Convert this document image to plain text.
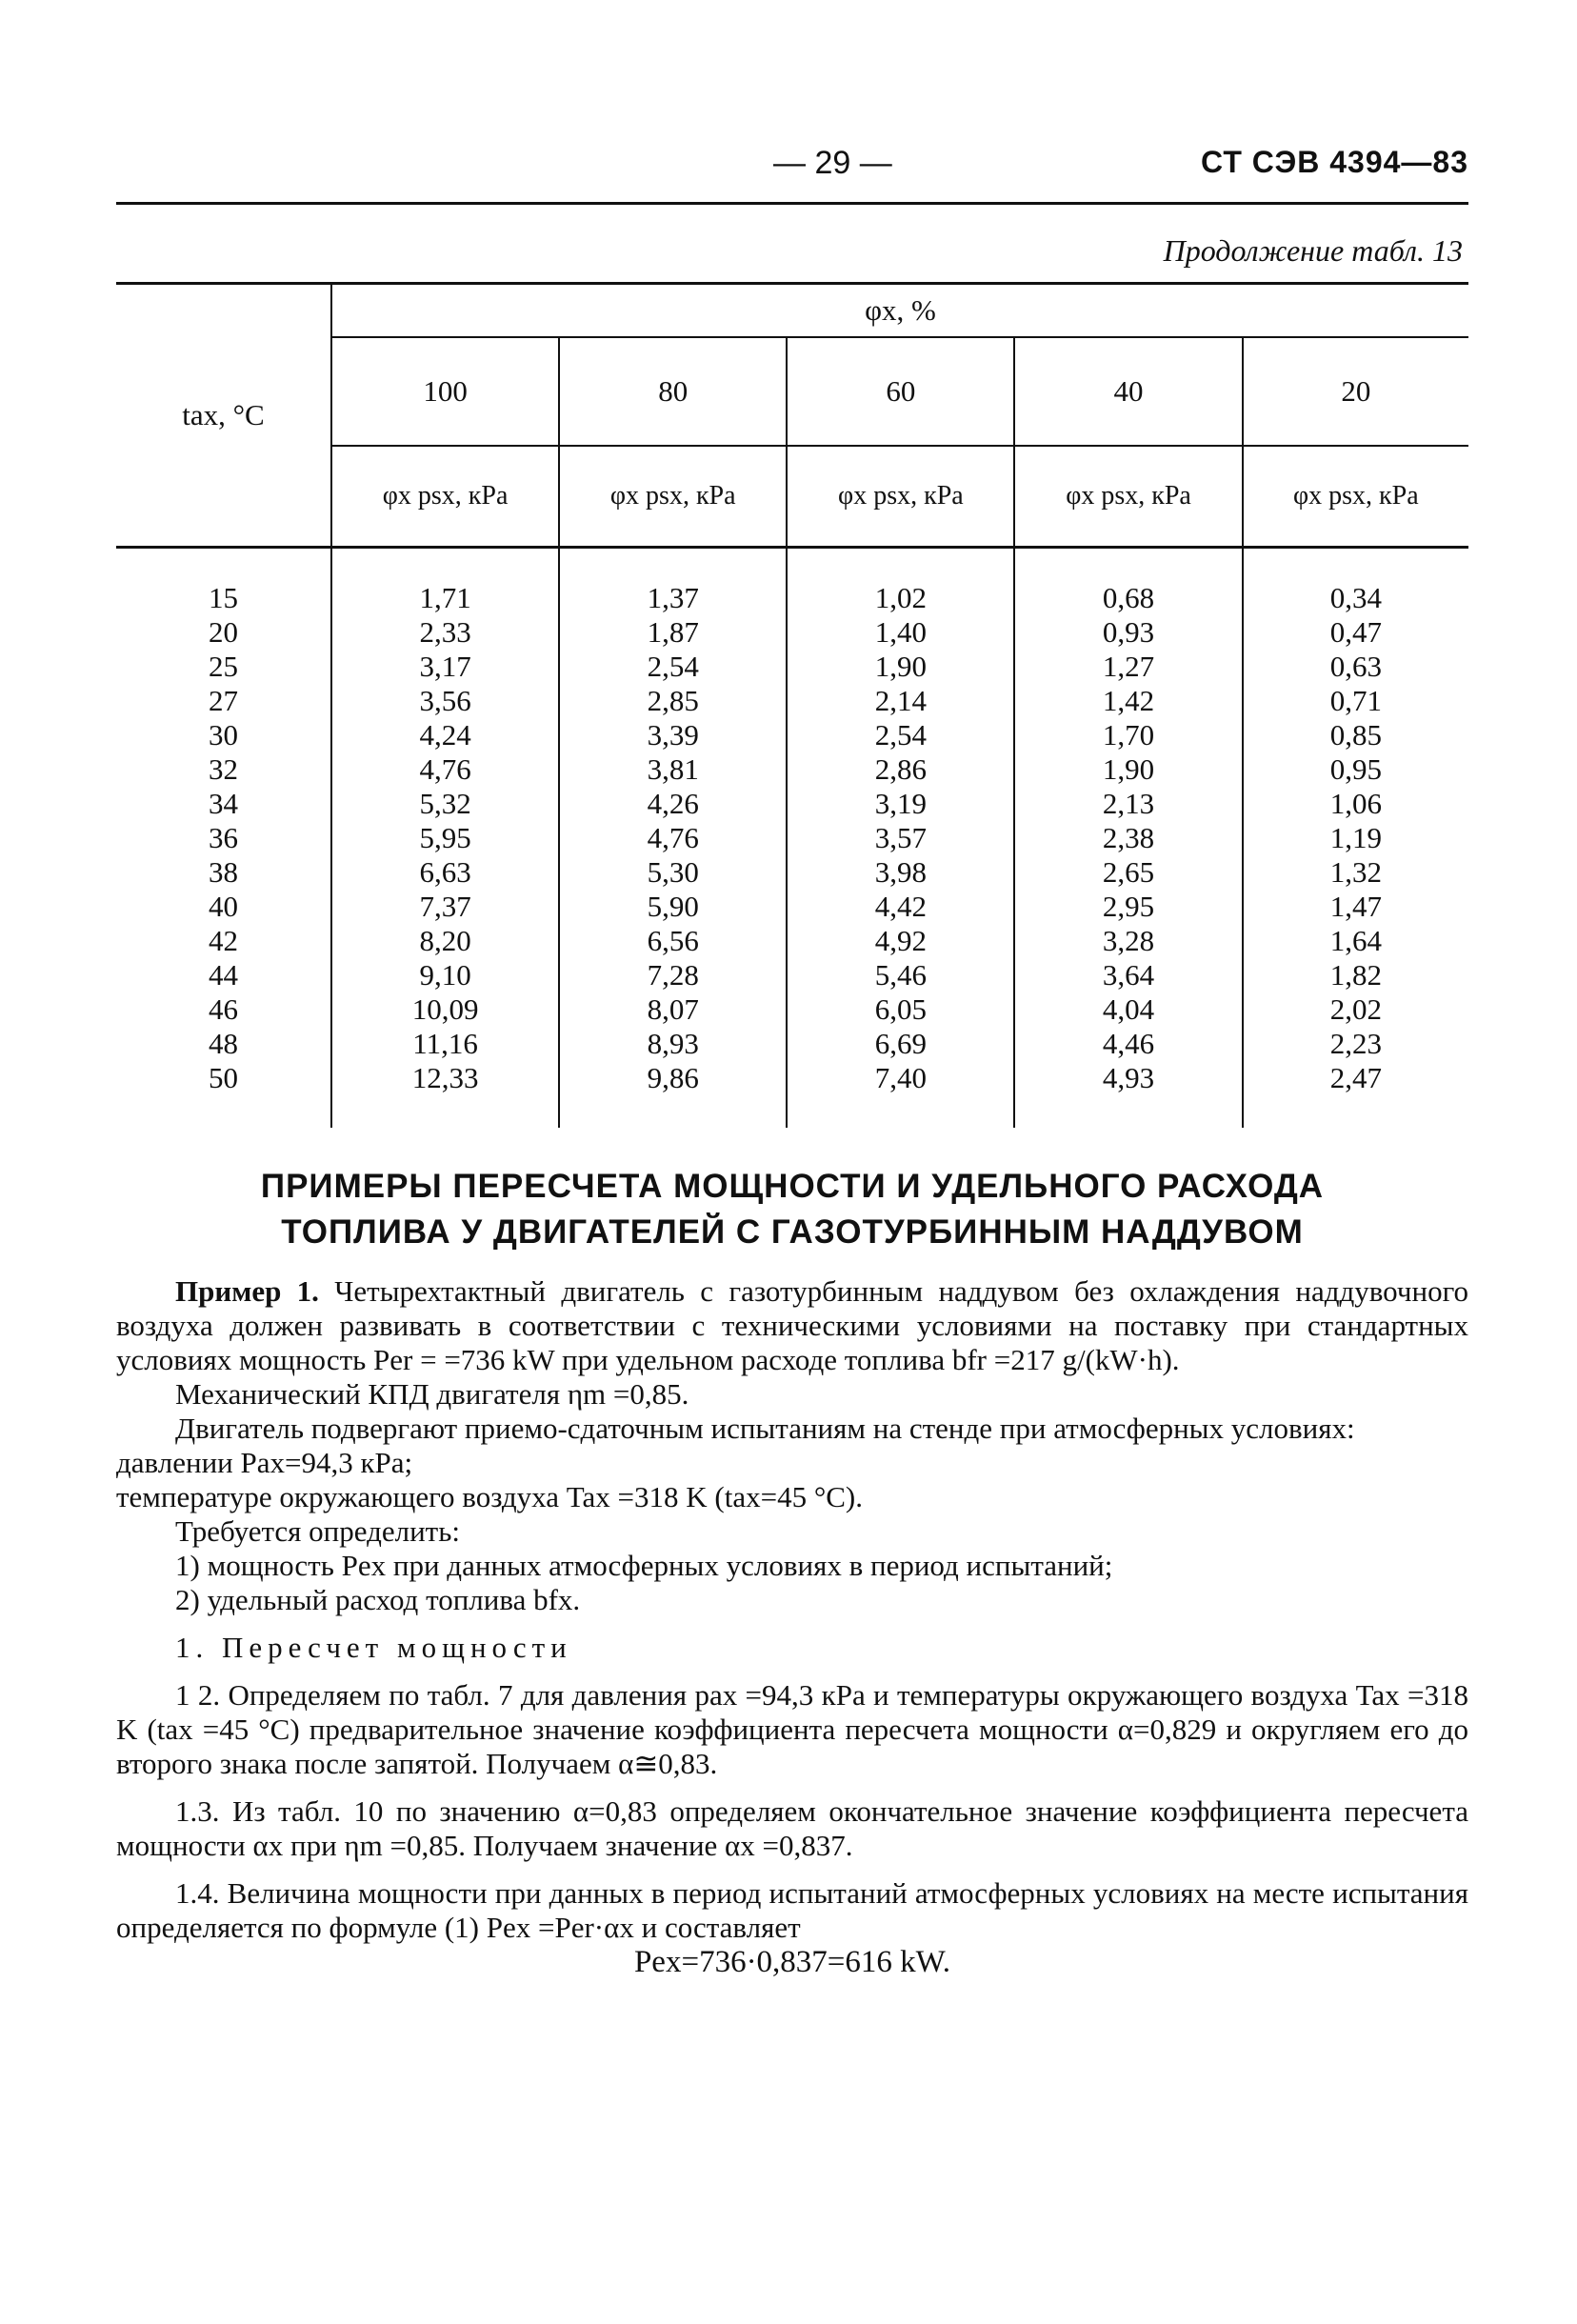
— 29 —	СТ СЭВ 4394—83
Продолжение табл. 13
tax, °C	φx, %				
	100	80	60	40	20
	φx psx, кPa	φx psx, кPa	φx psx, кPa	φx psx, кPa	φx psx, кPa

15	1,71	1,37	1,02	0,68	0,34
20	2,33	1,87	1,40	0,93	0,47
25	3,17	2,54	1,90	1,27	0,63
27	3,56	2,85	2,14	1,42	0,71
30	4,24	3,39	2,54	1,70	0,85
32	4,76	3,81	2,86	1,90	0,95
34	5,32	4,26	3,19	2,13	1,06
36	5,95	4,76	3,57	2,38	1,19
38	6,63	5,30	3,98	2,65	1,32
40	7,37	5,90	4,42	2,95	1,47
42	8,20	6,56	4,92	3,28	1,64
44	9,10	7,28	5,46	3,64	1,82
46	10,09	8,07	6,05	4,04	2,02
48	11,16	8,93	6,69	4,46	2,23
50	12,33	9,86	7,40	4,93	2,47

ПРИМЕРЫ ПЕРЕСЧЕТА МОЩНОСТИ И УДЕЛЬНОГО РАСХОДА
ТОПЛИВА У ДВИГАТЕЛЕЙ С ГАЗОТУРБИННЫМ НАДДУВОМ

Пример 1. Четырехтактный двигатель с газотурбинным наддувом без охлаждения наддувочного воздуха должен развивать в соответствии с техническими условиями на поставку при стандартных условиях мощность Per = =736 kW при удельном расходе топлива bfr =217 g/(kW·h).

Механический КПД двигателя ηm =0,85.

Двигатель подвергают приемо-сдаточным испытаниям на стенде при атмосферных условиях:

давлении Pax=94,3 кPa;

температуре окружающего воздуха Tax =318 K (tax=45 °C).

Требуется определить:

1) мощность Pex при данных атмосферных условиях в период испытаний;

2) удельный расход топлива bfx.

1. Пересчет мощности

1 2. Определяем по табл. 7 для давления pax =94,3 кPa и температуры окружающего воздуха Tax =318 K (tax =45 °C) предварительное значение коэффициента пересчета мощности α=0,829 и округляем его до второго знака после запятой. Получаем α≅0,83.

1.3. Из табл. 10 по значению α=0,83 определяем окончательное значение коэффициента пересчета мощности αx при ηm =0,85. Получаем значение αx =0,837.

1.4. Величина мощности при данных в период испытаний атмосферных условиях на месте испытания определяется по формуле (1) Pex =Per·αx и составляет

Pex=736·0,837=616 kW.
